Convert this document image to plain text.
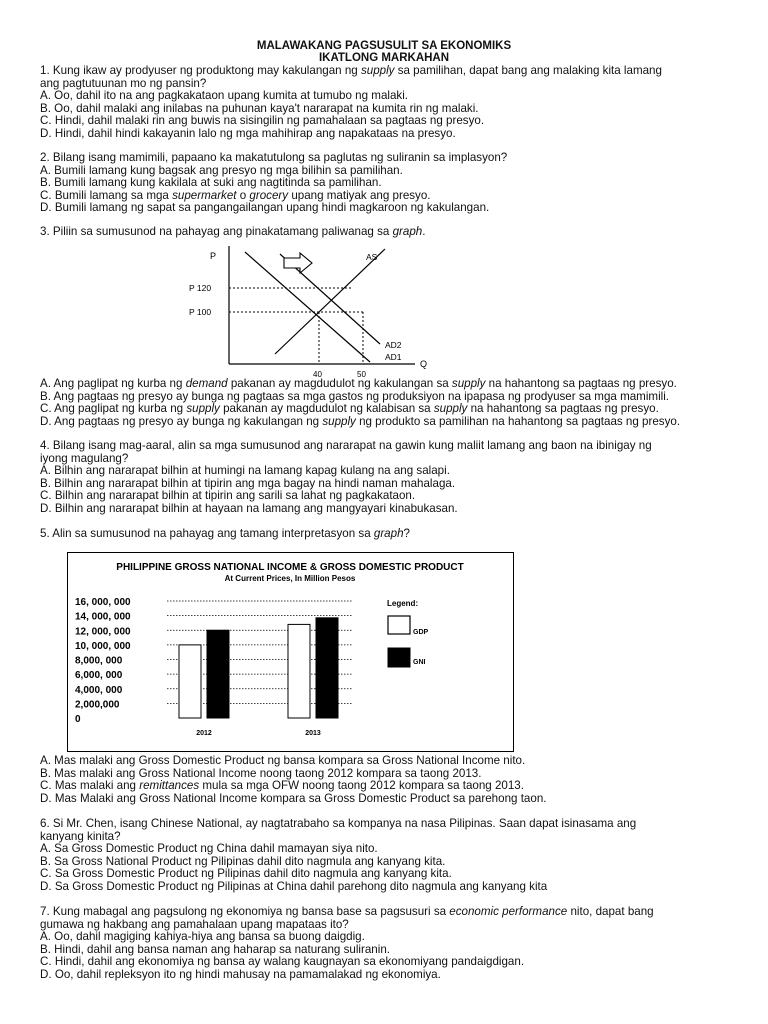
MALAWAKANG PAGSUSULIT SA EKONOMIKS
IKATLONG MARKAHAN
1. Kung ikaw ay prodyuser ng produktong may kakulangan ng supply sa pamilihan, dapat bang ang malaking kita lamang
ang pagtutuunan mo ng pansin?
A. Oo, dahil ito na ang pagkakataon upang kumita at tumubo ng malaki.
B. Oo, dahil malaki ang inilabas na puhunan kaya't nararapat na kumita rin ng malaki.
C. Hindi, dahil malaki rin ang buwis na sisingilin ng pamahalaan sa pagtaas ng presyo.
D. Hindi, dahil hindi kakayanin lalo ng mga mahihirap ang napakataas na presyo.
2. Bilang isang mamimili, papaano ka makatutulong sa paglutas ng suliranin sa implasyon?
A. Bumili lamang kung bagsak ang presyo ng mga bilihin sa pamilihan.
B. Bumili lamang kung kakilala at suki ang nagtitinda sa pamilihan.
C. Bumili lamang sa mga supermarket o grocery upang matiyak ang presyo.
D. Bumili lamang ng sapat sa pangangailangan upang hindi magkaroon ng kakulangan.
3. Piliin sa sumusunod na pahayag ang pinakatamang paliwanag sa graph.
P
Q
P 120
P 100
40	50
AS
AD2
AD1
A. Ang paglipat ng kurba ng demand pakanan ay magdudulot ng kakulangan sa supply na hahantong sa pagtaas ng presyo.
B. Ang pagtaas ng presyo ay bunga ng pagtaas sa mga gastos ng produksiyon na ipapasa ng prodyuser sa mga mamimili.
C. Ang paglipat ng kurba ng supply pakanan ay magdudulot ng kalabisan sa supply na hahantong sa pagtaas ng presyo.
D. Ang pagtaas ng presyo ay bunga ng kakulangan ng supply ng produkto sa pamilihan na hahantong sa pagtaas ng presyo.
4. Bilang isang mag-aaral, alin sa mga sumusunod ang nararapat na gawin kung maliit lamang ang baon na ibinigay ng
iyong magulang?
A. Bilhin ang nararapat bilhin at humingi na lamang kapag kulang na ang salapi.
B. Bilhin ang nararapat bilhin at tipirin ang mga bagay na hindi naman mahalaga.
C. Bilhin ang nararapat bilhin at tipirin ang sarili sa lahat ng pagkakataon.
D. Bilhin ang nararapat bilhin at hayaan na lamang ang mangyayari kinabukasan.
5. Alin sa sumusunod na pahayag ang tamang interpretasyon sa graph?
PHILIPPINE GROSS NATIONAL INCOME & GROSS DOMESTIC PRODUCT
At Current Prices, In Million Pesos
16, 000, 000
14, 000, 000
12, 000, 000
10, 000, 000
8,000, 000
6,000, 000
4,000, 000
2,000,000
0
2012	2013
Legend:
GDP
GNI
A. Mas malaki ang Gross Domestic Product ng bansa kompara sa Gross National Income nito.
B. Mas malaki ang Gross National Income noong taong 2012 kompara sa taong 2013.
C. Mas malaki ang remittances mula sa mga OFW noong taong 2012 kompara sa taong 2013.
D. Mas Malaki ang Gross National Income kompara sa Gross Domestic Product sa parehong taon.
6. Si Mr. Chen, isang Chinese National, ay nagtatrabaho sa kompanya na nasa Pilipinas. Saan dapat isinasama ang
kanyang kinita?
A. Sa Gross Domestic Product ng China dahil mamayan siya nito.
B. Sa Gross National Product ng Pilipinas dahil dito nagmula ang kanyang kita.
C. Sa Gross Domestic Product ng Pilipinas dahil dito nagmula ang kanyang kita.
D. Sa Gross Domestic Product ng Pilipinas at China dahil parehong dito nagmula ang kanyang kita
7. Kung mabagal ang pagsulong ng ekonomiya ng bansa base sa pagsusuri sa economic performance nito, dapat bang
gumawa ng hakbang ang pamahalaan upang mapataas ito?
A. Oo, dahil magiging kahiya-hiya ang bansa sa buong daigdig.
B. Hindi, dahil ang bansa naman ang haharap sa naturang suliranin.
C. Hindi, dahil ang ekonomiya ng bansa ay walang kaugnayan sa ekonomiyang pandaigdigan.
D. Oo, dahil repleksyon ito ng hindi mahusay na pamamalakad ng ekonomiya.
